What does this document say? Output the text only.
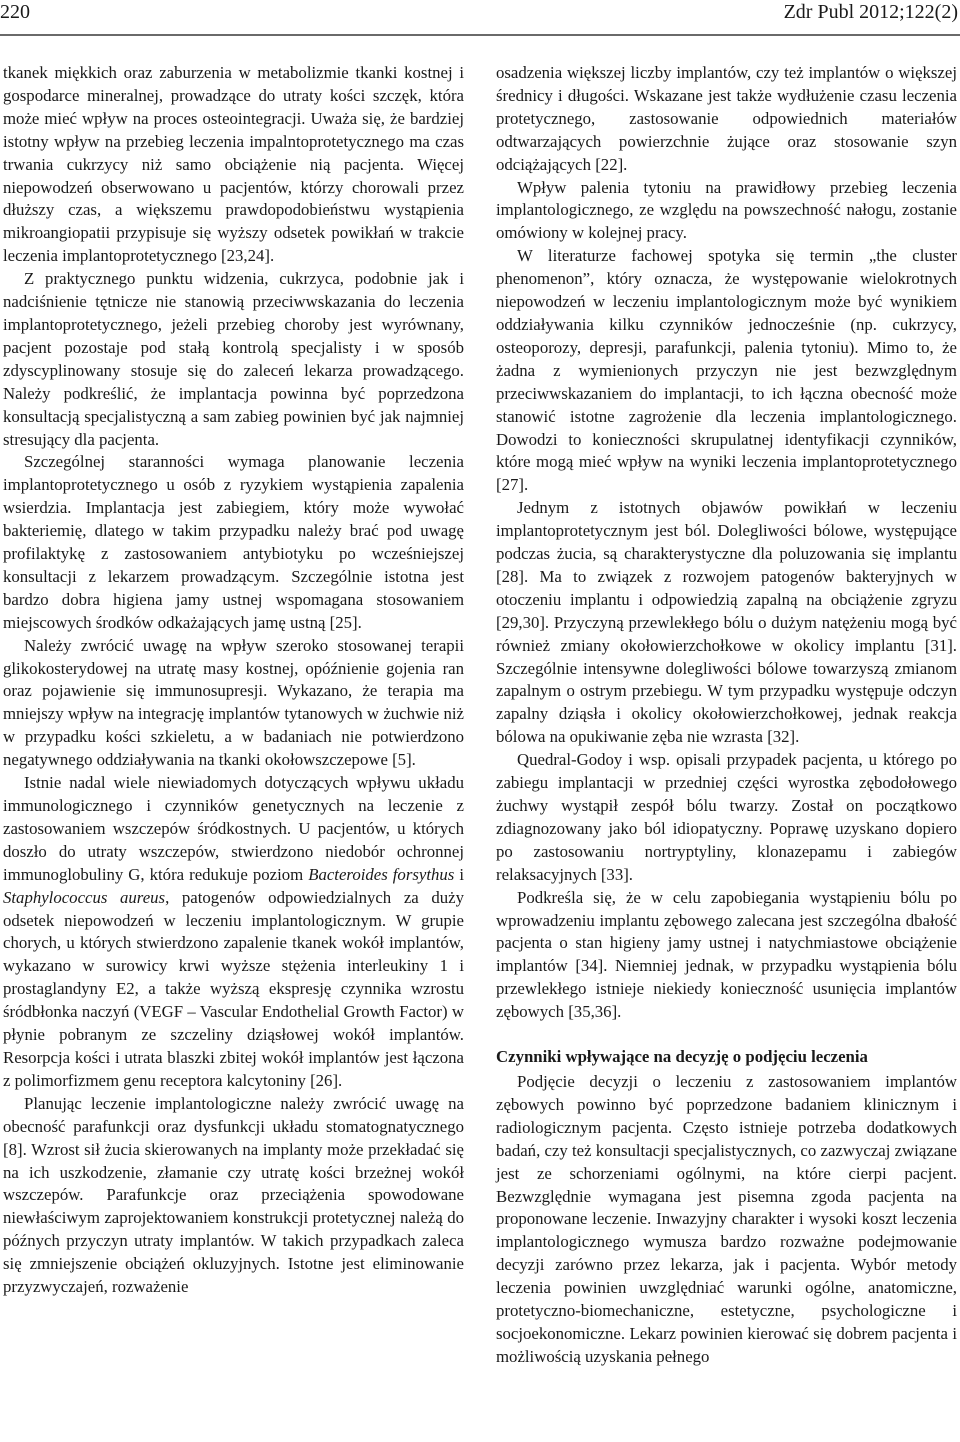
220	Zdr Publ 2012;122(2)

tkanek miękkich oraz zaburzenia w metabolizmie tkanki kostnej i gospodarce mineralnej, prowadzące do utraty kości szczęk, która może mieć wpływ na proces osteointegracji. Uważa się, że bardziej istotny wpływ na przebieg leczenia impalntoprotetycznego ma czas trwania cukrzycy niż samo obciążenie nią pacjenta. Więcej niepowodzeń obserwowano u pacjentów, którzy chorowali przez dłuższy czas, a większemu prawdopodobieństwu wystąpienia mikroangiopatii przypisuje się wyższy odsetek powikłań w trakcie leczenia implantoprotetycznego [23,24].

Z praktycznego punktu widzenia, cukrzyca, podobnie jak i nadciśnienie tętnicze nie stanowią przeciwwskazania do leczenia implantoprotetycznego, jeżeli przebieg choroby jest wyrównany, pacjent pozostaje pod stałą kontrolą specjalisty i w sposób zdyscyplinowany stosuje się do zaleceń lekarza prowadzącego. Należy podkreślić, że implantacja powinna być poprzedzona konsultacją specjalistyczną a sam zabieg powinien być jak najmniej stresujący dla pacjenta.

Szczególnej staranności wymaga planowanie leczenia implantoprotetycznego u osób z ryzykiem wystąpienia zapalenia wsierdzia. Implantacja jest zabiegiem, który może wywołać bakteriemię, dlatego w takim przypadku należy brać pod uwagę profilaktykę z zastosowaniem antybiotyku po wcześniejszej konsultacji z lekarzem prowadzącym. Szczególnie istotna jest bardzo dobra higiena jamy ustnej wspomagana stosowaniem miejscowych środków odkażających jamę ustną [25].

Należy zwrócić uwagę na wpływ szeroko stosowanej terapii glikokosterydowej na utratę masy kostnej, opóźnienie gojenia ran oraz pojawienie się immunosupresji. Wykazano, że terapia ma mniejszy wpływ na integrację implantów tytanowych w żuchwie niż w przypadku kości szkieletu, a w badaniach nie potwierdzono negatywnego oddziaływania na tkanki okołowszczepowe [5].

Istnie nadal wiele niewiadomych dotyczących wpływu układu immunologicznego i czynników genetycznych na leczenie z zastosowaniem wszczepów śródkostnych. U pacjentów, u których doszło do utraty wszczepów, stwierdzono niedobór ochronnej immunoglobuliny G, która redukuje poziom Bacteroides forsythus i Staphylococcus aureus, patogenów odpowiedzialnych za duży odsetek niepowodzeń w leczeniu implantologicznym. W grupie chorych, u których stwierdzono zapalenie tkanek wokół implantów, wykazano w surowicy krwi wyższe stężenia interleukiny 1 i prostaglandyny E2, a także wyższą ekspresję czynnika wzrostu śródbłonka naczyń (VEGF – Vascular Endothelial Growth Factor) w płynie pobranym ze szczeliny dziąsłowej wokół implantów. Resorpcja kości i utrata blaszki zbitej wokół implantów jest łączona z polimorfizmem genu receptora kalcytoniny [26].

Planując leczenie implantologiczne należy zwrócić uwagę na obecność parafunkcji oraz dysfunkcji układu stomatognatycznego [8]. Wzrost sił żucia skierowanych na implanty może przekładać się na ich uszkodzenie, złamanie czy utratę kości brzeżnej wokół wszczepów. Parafunkcje oraz przeciążenia spowodowane niewłaściwym zaprojektowaniem konstrukcji protetycznej należą do późnych przyczyn utraty implantów. W takich przypadkach zaleca się zmniejszenie obciążeń okluzyjnych. Istotne jest eliminowanie przyzwyczajeń, rozważenie

osadzenia większej liczby implantów, czy też implantów o większej średnicy i długości. Wskazane jest także wydłużenie czasu leczenia protetycznego, zastosowanie odpowiednich materiałów odtwarzających powierzchnie żujące oraz stosowanie szyn odciążających [22].

Wpływ palenia tytoniu na prawidłowy przebieg leczenia implantologicznego, ze względu na powszechność nałogu, zostanie omówiony w kolejnej pracy.

W literaturze fachowej spotyka się termin „the cluster phenomenon”, który oznacza, że występowanie wielokrotnych niepowodzeń w leczeniu implantologicznym może być wynikiem oddziaływania kilku czynników jednocześnie (np. cukrzycy, osteoporozy, depresji, parafunkcji, palenia tytoniu). Mimo to, że żadna z wymienionych przyczyn nie jest bezwzględnym przeciwwskazaniem do implantacji, to ich łączna obecność może stanowić istotne zagrożenie dla leczenia implantologicznego. Dowodzi to konieczności skrupulatnej identyfikacji czynników, które mogą mieć wpływ na wyniki leczenia implantoprotetycznego [27].

Jednym z istotnych objawów powikłań w leczeniu implantoprotetycznym jest ból. Dolegliwości bólowe, występujące podczas żucia, są charakterystyczne dla poluzowania się implantu [28]. Ma to związek z rozwojem patogenów bakteryjnych w otoczeniu implantu i odpowiedzią zapalną na obciążenie zgryzu [29,30]. Przyczyną przewlekłego bólu o dużym natężeniu mogą być również zmiany okołowierzchołkowe w okolicy implantu [31]. Szczególnie intensywne dolegliwości bólowe towarzyszą zmianom zapalnym o ostrym przebiegu. W tym przypadku występuje odczyn zapalny dziąsła i okolicy okołowierzchołkowej, jednak reakcja bólowa na opukiwanie zęba nie wzrasta [32].

Quedral-Godoy i wsp. opisali przypadek pacjenta, u którego po zabiegu implantacji w przedniej części wyrostka zębodołowego żuchwy wystąpił zespół bólu twarzy. Został on początkowo zdiagnozowany jako ból idiopatyczny. Poprawę uzyskano dopiero po zastosowaniu nortryptyliny, klonazepamu i zabiegów relaksacyjnych [33].

Podkreśla się, że w celu zapobiegania wystąpieniu bólu po wprowadzeniu implantu zębowego zalecana jest szczególna dbałość pacjenta o stan higieny jamy ustnej i natychmiastowe obciążenie implantów [34]. Niemniej jednak, w przypadku wystąpienia bólu przewlekłego istnieje niekiedy konieczność usunięcia implantów zębowych [35,36].

Czynniki wpływające na decyzję o podjęciu leczenia

Podjęcie decyzji o leczeniu z zastosowaniem implantów zębowych powinno być poprzedzone badaniem klinicznym i radiologicznym pacjenta. Często istnieje potrzeba dodatkowych badań, czy też konsultacji specjalistycznych, co zazwyczaj związane jest ze schorzeniami ogólnymi, na które cierpi pacjent. Bezwzględnie wymagana jest pisemna zgoda pacjenta na proponowane leczenie. Inwazyjny charakter i wysoki koszt leczenia implantologicznego wymusza bardzo rozważne podejmowanie decyzji zarówno przez lekarza, jak i pacjenta. Wybór metody leczenia powinien uwzględniać warunki ogólne, anatomiczne, protetyczno-biomechaniczne, estetyczne, psychologiczne i socjoekonomiczne. Lekarz powinien kierować się dobrem pacjenta i możliwością uzyskania pełnego
